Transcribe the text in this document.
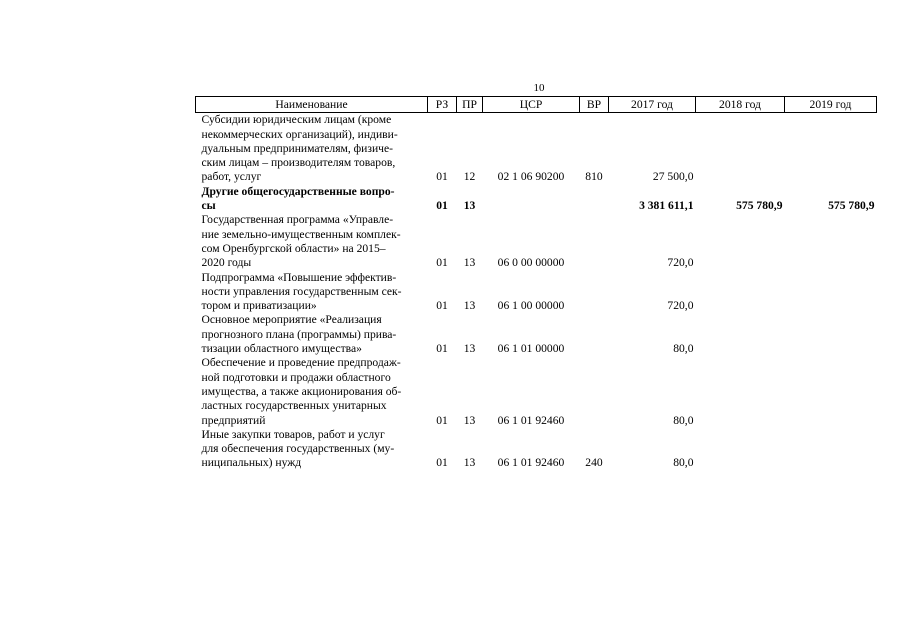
10
Наименование	РЗ	ПР	ЦСР	ВР	2017 год	2018 год	2019 год

Субсидии юридическим лицам (кроме
некоммерческих организаций), индиви-
дуальным предпринимателям, физиче-
ским лицам – производителям товаров,
работ, услуг	01	12	02 1 06 90200	810	27 500,0		

Другие общегосударственные вопро-
сы	01	13			3 381 611,1	575 780,9	575 780,9

Государственная программа «Управле-
ние земельно-имущественным комплек-
сом Оренбургской области» на 2015–
2020 годы	01	13	06 0 00 00000		720,0		

Подпрограмма «Повышение эффектив-
ности управления государственным сек-
тором и приватизации»	01	13	06 1 00 00000		720,0		

Основное мероприятие «Реализация
прогнозного плана (программы) прива-
тизации областного имущества»	01	13	06 1 01 00000		80,0		

Обеспечение и проведение предпродаж-
ной подготовки и продажи областного
имущества, а также акционирования об-
ластных государственных унитарных
предприятий	01	13	06 1 01 92460		80,0		

Иные закупки товаров, работ и услуг
для обеспечения государственных (му-
ниципальных) нужд	01	13	06 1 01 92460	240	80,0		
